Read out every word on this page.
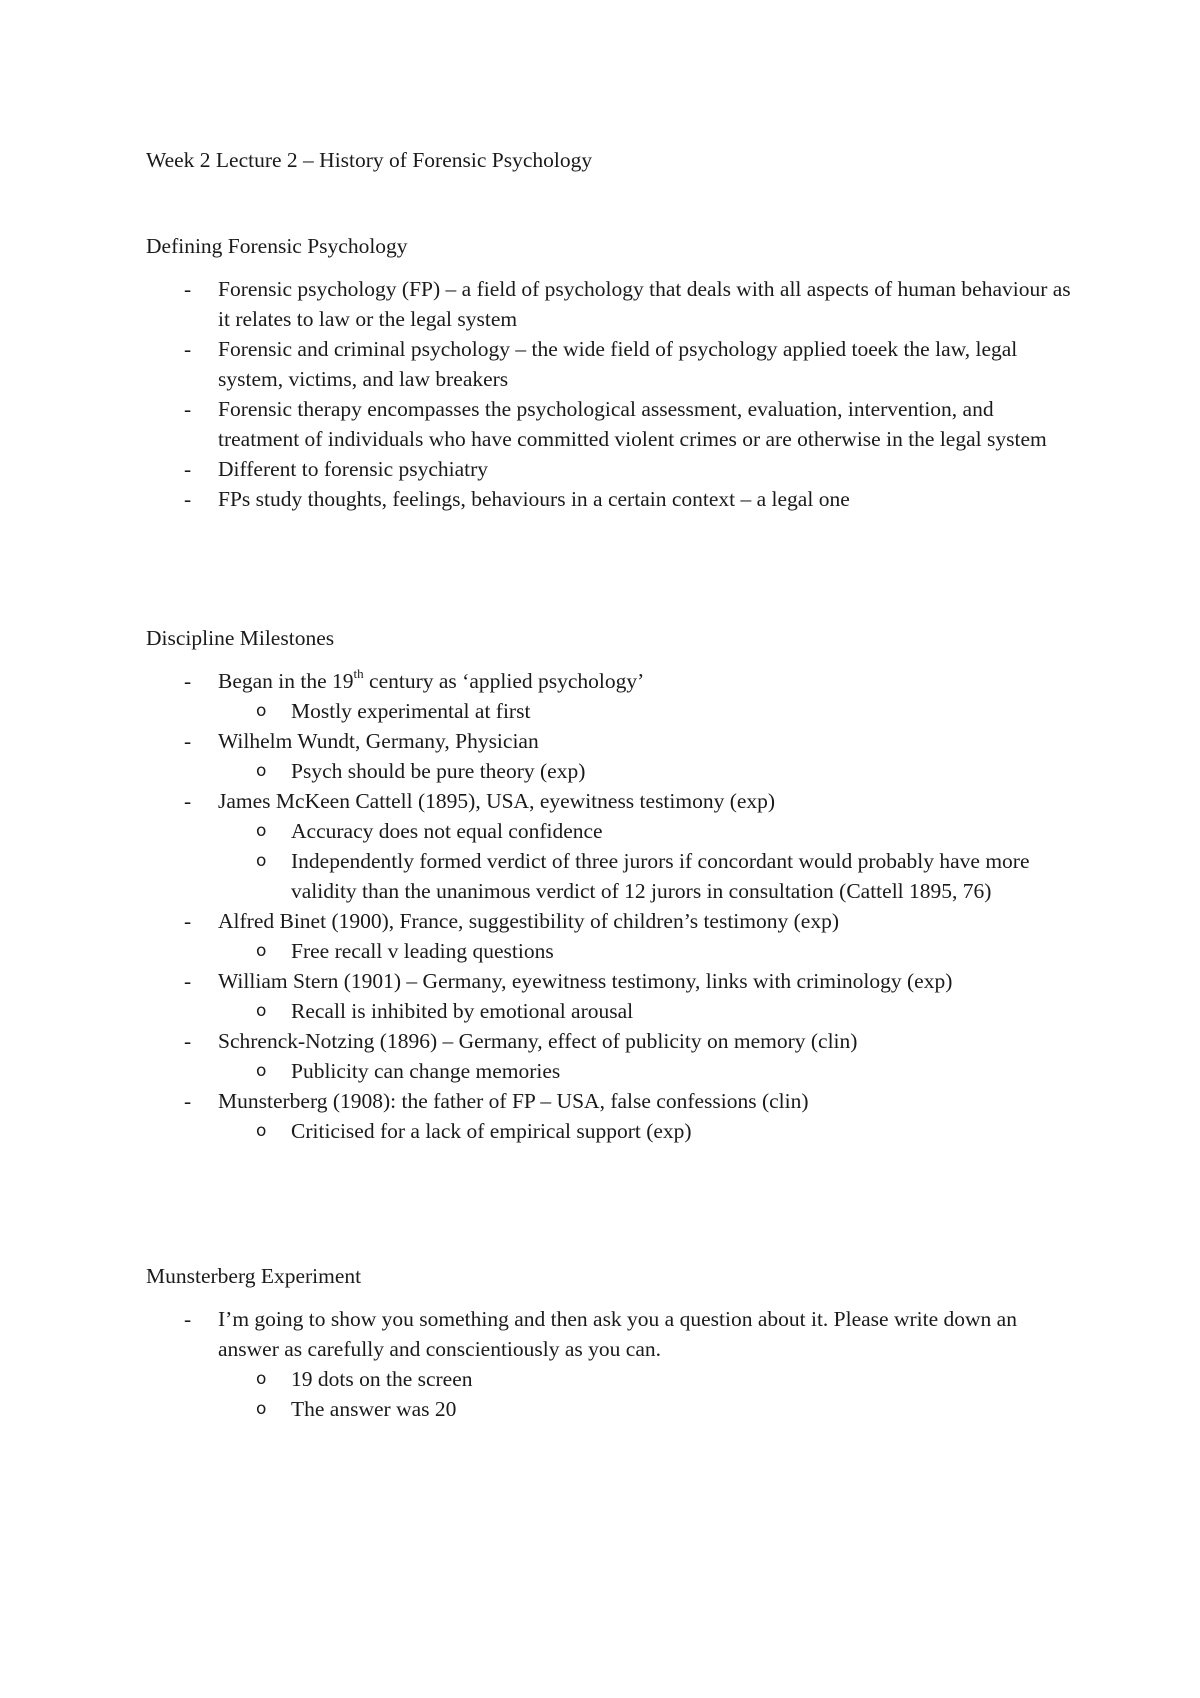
Week 2 Lecture 2 – History of Forensic Psychology

Defining Forensic Psychology

- Forensic psychology (FP) – a field of psychology that deals with all aspects of human behaviour as it relates to law or the legal system
- Forensic and criminal psychology – the wide field of psychology applied toeek the law, legal system, victims, and law breakers
- Forensic therapy encompasses the psychological assessment, evaluation, intervention, and treatment of individuals who have committed violent crimes or are otherwise in the legal system
- Different to forensic psychiatry
- FPs study thoughts, feelings, behaviours in a certain context – a legal one

Discipline Milestones

- Began in the 19th century as ‘applied psychology’
o Mostly experimental at first
- Wilhelm Wundt, Germany, Physician
o Psych should be pure theory (exp)
- James McKeen Cattell (1895), USA, eyewitness testimony (exp)
o Accuracy does not equal confidence
o Independently formed verdict of three jurors if concordant would probably have more validity than the unanimous verdict of 12 jurors in consultation (Cattell 1895, 76)
- Alfred Binet (1900), France, suggestibility of children’s testimony (exp)
o Free recall v leading questions
- William Stern (1901) – Germany, eyewitness testimony, links with criminology (exp)
o Recall is inhibited by emotional arousal
- Schrenck-Notzing (1896) – Germany, effect of publicity on memory (clin)
o Publicity can change memories
- Munsterberg (1908): the father of FP – USA, false confessions (clin)
o Criticised for a lack of empirical support (exp)

Munsterberg Experiment

- I’m going to show you something and then ask you a question about it. Please write down an answer as carefully and conscientiously as you can.
o 19 dots on the screen
o The answer was 20
